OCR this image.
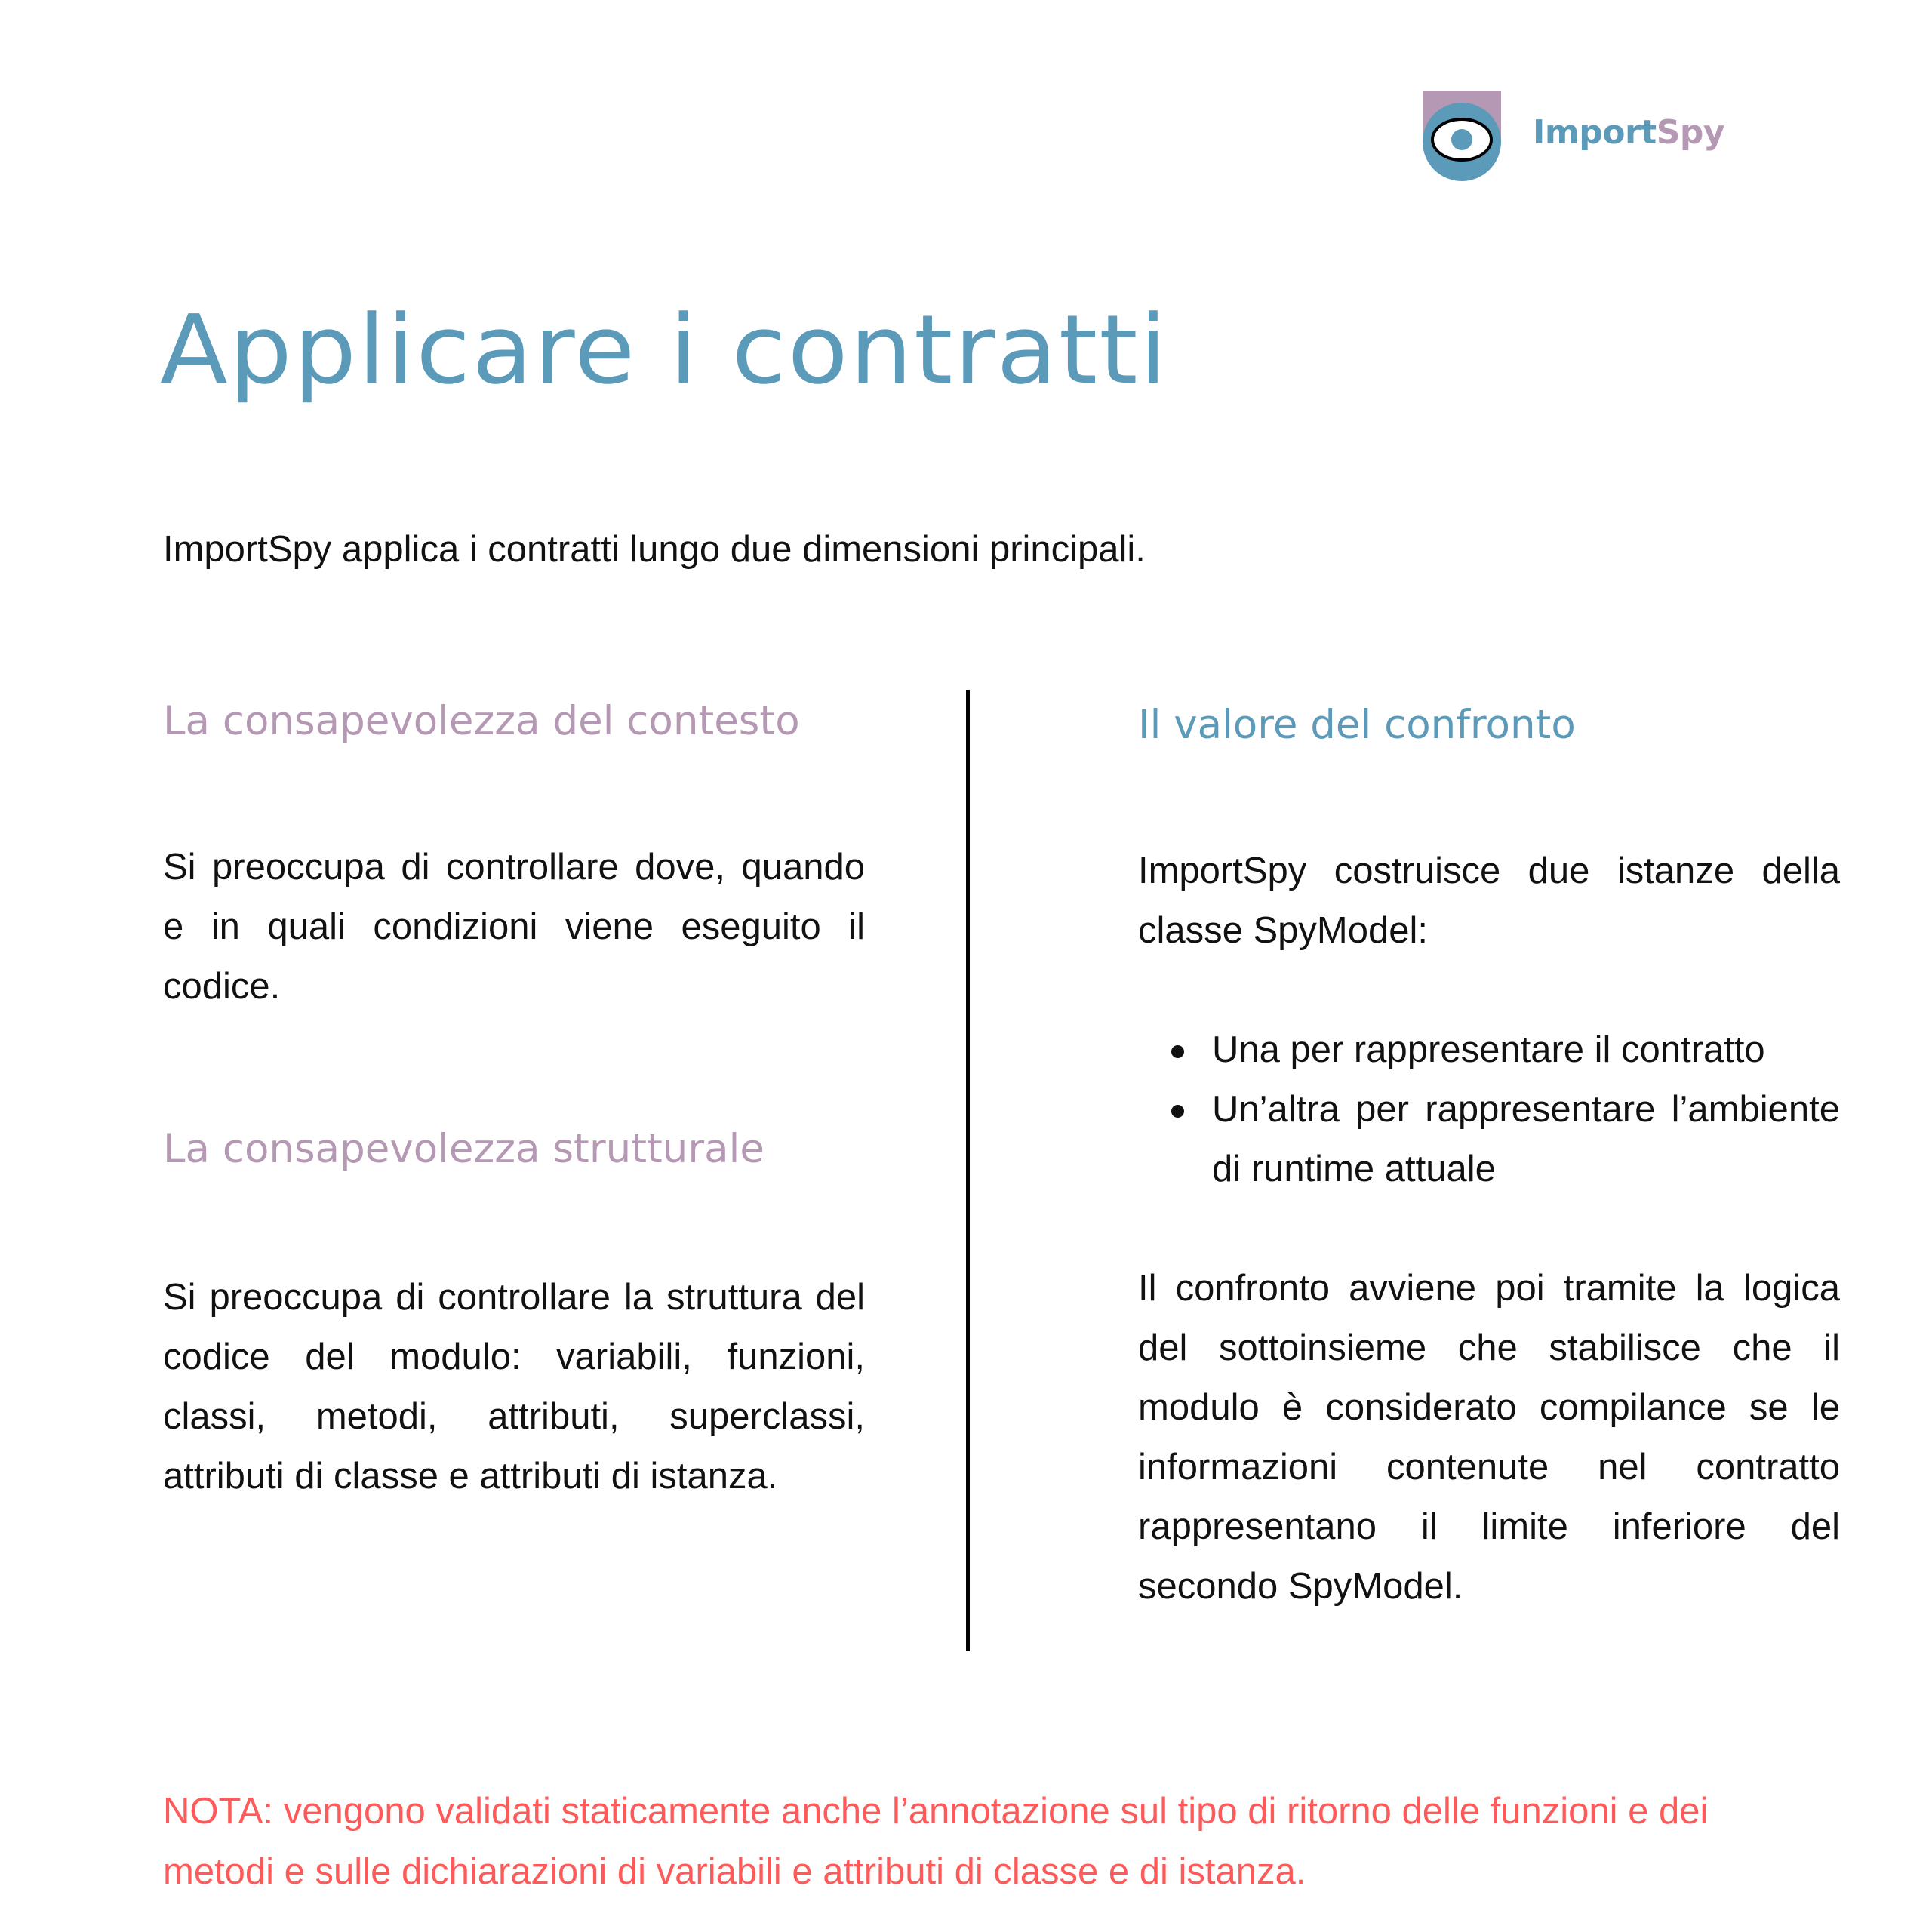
ImportSpy
Applicare i contratti

ImportSpy applica i contratti lungo due dimensioni principali.

La consapevolezza del contesto

Si preoccupa di controllare dove, quando e in quali condizioni viene eseguito il codice.

La consapevolezza strutturale

Si preoccupa di controllare la struttura del codice del modulo: variabili, funzioni, classi, metodi, attributi, superclassi, attributi di classe e attributi di istanza.

Il valore del confronto

ImportSpy costruisce due istanze della classe SpyModel:

Una per rappresentare il contratto
Un’altra per rappresentare l’ambiente di runtime attuale

Il confronto avviene poi tramite la logica del sottoinsieme che stabilisce che il modulo è considerato compilance se le informazioni contenute nel contratto rappresentano il limite inferiore del secondo SpyModel.

NOTA: vengono validati staticamente anche l’annotazione sul tipo di ritorno delle funzioni e dei metodi e sulle dichiarazioni di variabili e attributi di classe e di istanza.
